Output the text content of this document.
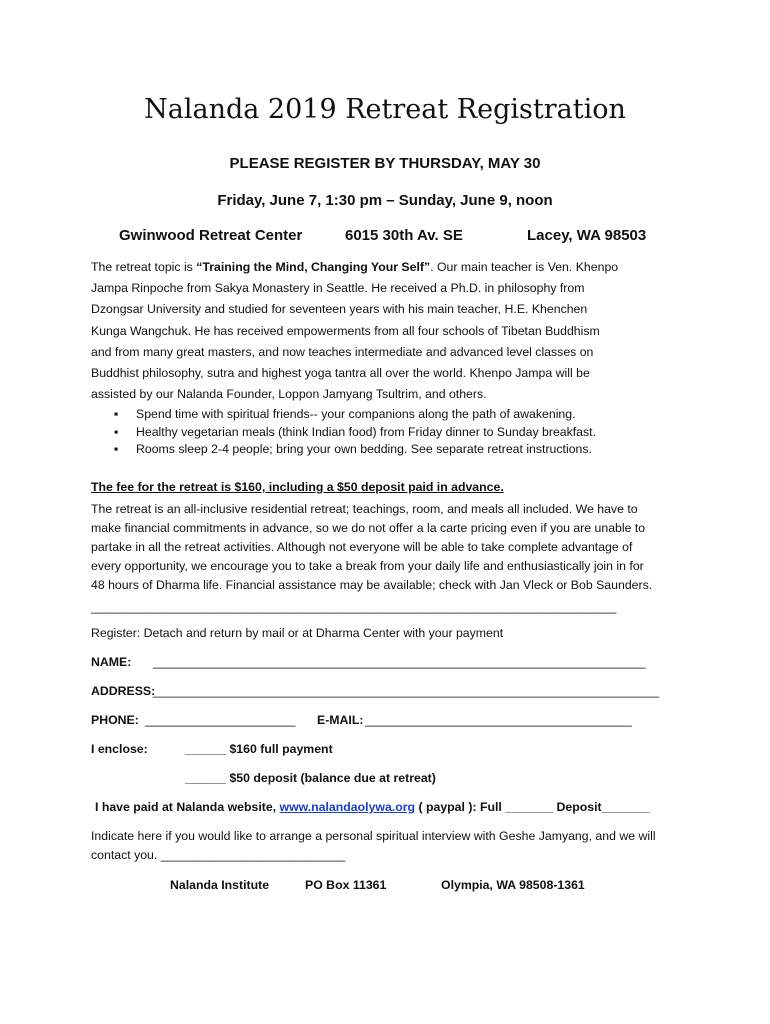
Nalanda 2019 Retreat Registration
PLEASE REGISTER BY THURSDAY, MAY 30
Friday, June 7, 1:30 pm – Sunday, June 9, noon
Gwinwood Retreat Center	6015 30th Av. SE	Lacey, WA 98503

The retreat topic is “Training the Mind, Changing Your Self”. Our main teacher is Ven. Khenpo

Jampa Rinpoche from Sakya Monastery in Seattle. He received a Ph.D. in philosophy from

Dzongsar University and studied for seventeen years with his main teacher, H.E. Khenchen

Kunga Wangchuk. He has received empowerments from all four schools of Tibetan Buddhism

and from many great masters, and now teaches intermediate and advanced level classes on

Buddhist philosophy, sutra and highest yoga tantra all over the world. Khenpo Jampa will be

assisted by our Nalanda Founder, Loppon Jamyang Tsultrim, and others.

▪ Spend time with spiritual friends-- your companions along the path of awakening.
▪ Healthy vegetarian meals (think Indian food) from Friday dinner to Sunday breakfast.
▪ Rooms sleep 2-4 people; bring your own bedding. See separate retreat instructions.
The fee for the retreat is $160, including a $50 deposit paid in advance.

The retreat is an all-inclusive residential retreat; teachings, room, and meals all included. We have to

make financial commitments in advance, so we do not offer a la carte pricing even if you are unable to

partake in all the retreat activities. Although not everyone will be able to take complete advantage of

every opportunity, we encourage you to take a break from your daily life and enthusiastically join in for

48 hours of Dharma life. Financial assistance may be available; check with Jan Vleck or Bob Saunders.

_____________________________________________________________________________________
Register: Detach and return by mail or at Dharma Center with your payment
NAME: ________________________________________________________________________
ADDRESS:
__________________________________________________________________________
PHONE: ______________________ E-MAIL: _______________________________________
I enclose:	______ $160 full payment
______ $50 deposit (balance due at retreat)
I have paid at Nalanda website, www.nalandaolywa.org ( paypal ): Full _______ Deposit_______
Indicate here if you would like to arrange a personal spiritual interview with Geshe Jamyang, and we will
contact you. ___________________________
Nalanda Institute	PO Box 11361	Olympia, WA 98508-1361
